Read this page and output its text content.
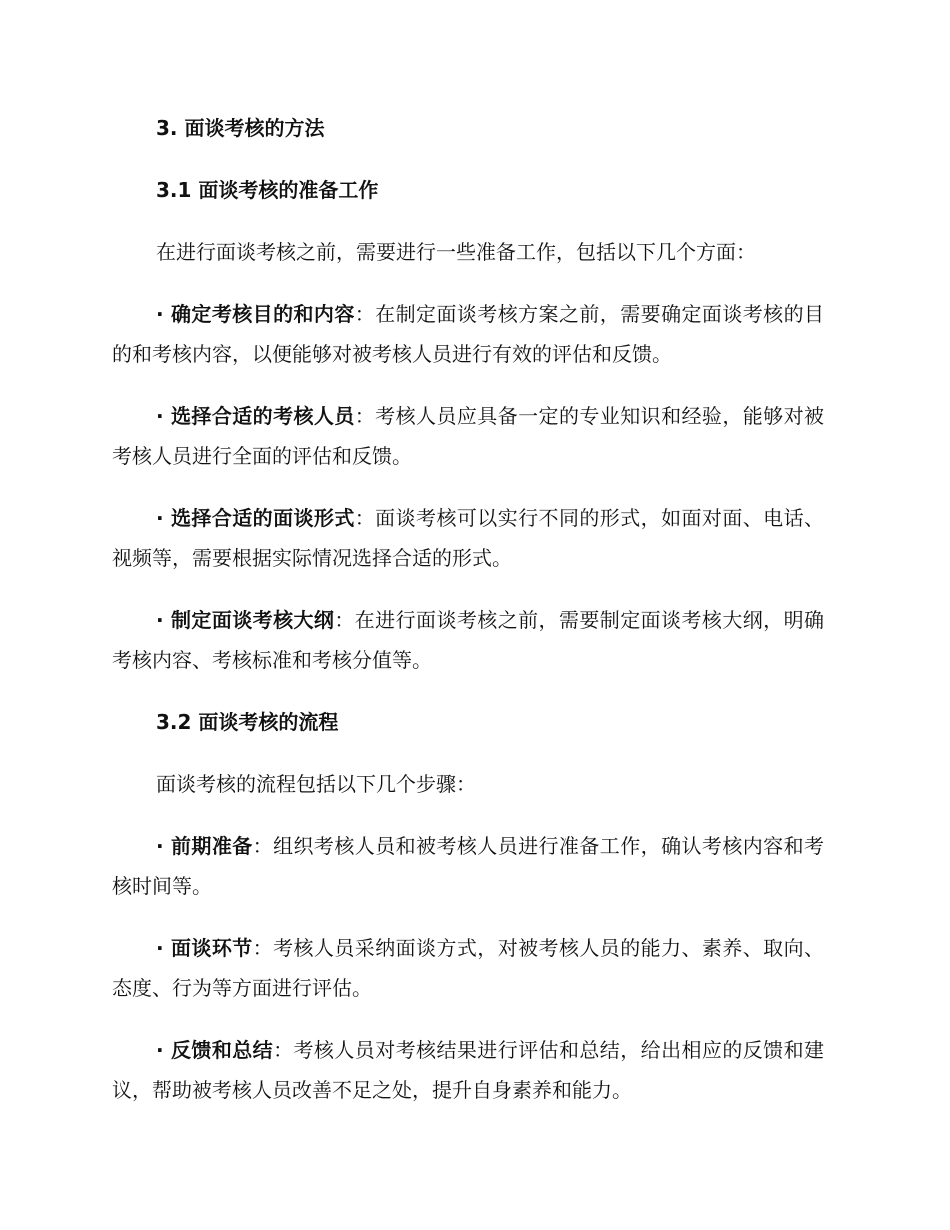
3. 面谈考核的方法
3.1 面谈考核的准备工作

在进行面谈考核之前，需要进行一些准备工作，包括以下几个方面：

· 确定考核目的和内容：在制定面谈考核方案之前，需要确定面谈考核的目的和考核内容，以便能够对被考核人员进行有效的评估和反馈。

· 选择合适的考核人员：考核人员应具备一定的专业知识和经验，能够对被考核人员进行全面的评估和反馈。

· 选择合适的面谈形式：面谈考核可以实行不同的形式，如面对面、电话、视频等，需要根据实际情况选择合适的形式。

· 制定面谈考核大纲：在进行面谈考核之前，需要制定面谈考核大纲，明确考核内容、考核标准和考核分值等。

3.2 面谈考核的流程

面谈考核的流程包括以下几个步骤：

· 前期准备：组织考核人员和被考核人员进行准备工作，确认考核内容和考核时间等。

· 面谈环节：考核人员采纳面谈方式，对被考核人员的能力、素养、取向、态度、行为等方面进行评估。

· 反馈和总结：考核人员对考核结果进行评估和总结，给出相应的反馈和建议，帮助被考核人员改善不足之处，提升自身素养和能力。
